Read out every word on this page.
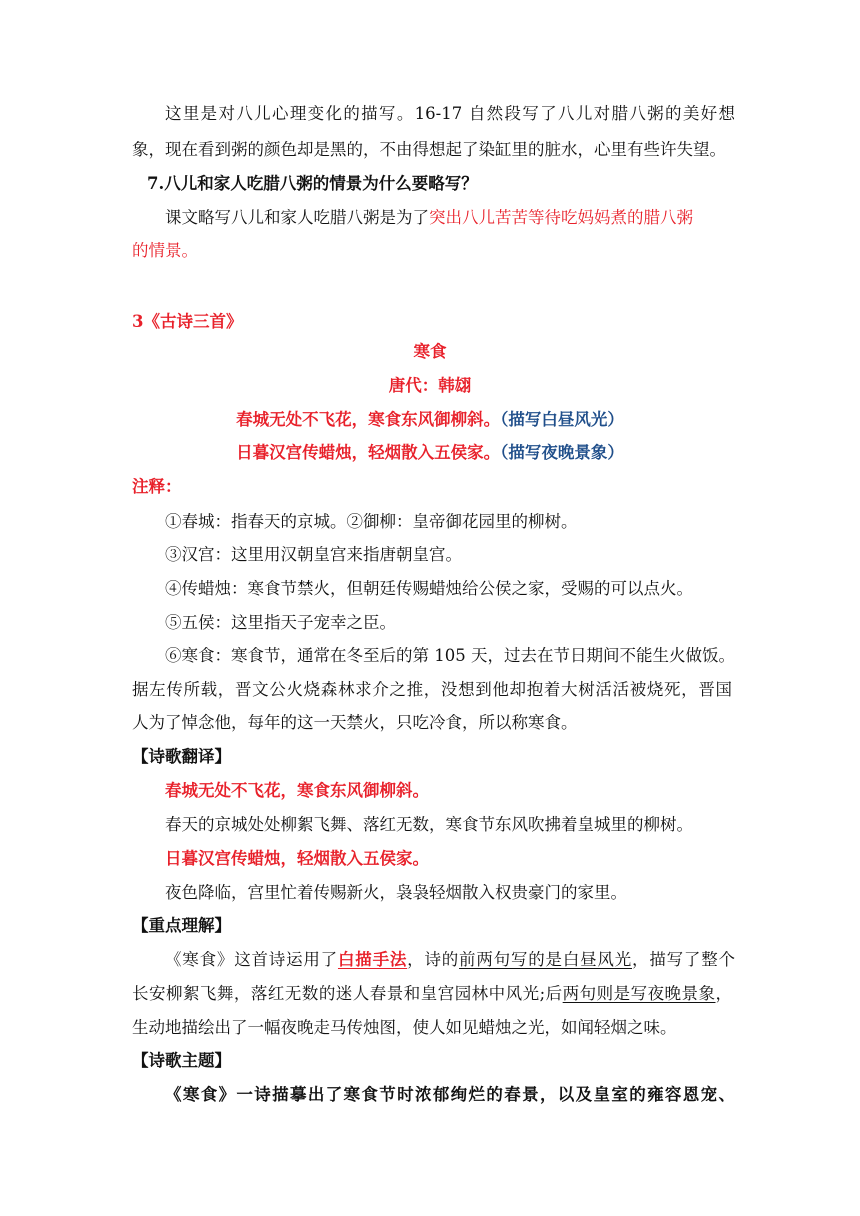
这里是对八儿心理变化的描写。16-17 自然段写了八儿对腊八粥的美好想
象，现在看到粥的颜色却是黑的，不由得想起了染缸里的脏水，心里有些许失望。
7.八儿和家人吃腊八粥的情景为什么要略写？
课文略写八儿和家人吃腊八粥是为了突出八儿苦苦等待吃妈妈煮的腊八粥
的情景。
3《古诗三首》
寒食
唐代：韩翃
春城无处不飞花，寒食东风御柳斜。（描写白昼风光）
日暮汉宫传蜡烛，轻烟散入五侯家。（描写夜晚景象）
注释：
①春城：指春天的京城。②御柳：皇帝御花园里的柳树。
③汉宫：这里用汉朝皇宫来指唐朝皇宫。
④传蜡烛：寒食节禁火，但朝廷传赐蜡烛给公侯之家，受赐的可以点火。
⑤五侯：这里指天子宠幸之臣。
⑥寒食：寒食节，通常在冬至后的第 105 天，过去在节日期间不能生火做饭。
据左传所载，晋文公火烧森林求介之推，没想到他却抱着大树活活被烧死，晋国
人为了悼念他，每年的这一天禁火，只吃冷食，所以称寒食。
【诗歌翻译】
春城无处不飞花，寒食东风御柳斜。
春天的京城处处柳絮飞舞、落红无数，寒食节东风吹拂着皇城里的柳树。
日暮汉宫传蜡烛，轻烟散入五侯家。
夜色降临，宫里忙着传赐新火，袅袅轻烟散入权贵豪门的家里。
【重点理解】
《寒食》这首诗运用了白描手法，诗的前两句写的是白昼风光，描写了整个
长安柳絮飞舞，落红无数的迷人春景和皇宫园林中风光;后两句则是写夜晚景象，
生动地描绘出了一幅夜晚走马传烛图，使人如见蜡烛之光，如闻轻烟之味。
【诗歌主题】
《寒食》一诗描摹出了寒食节时浓郁绚烂的春景，以及皇室的雍容恩宠、
